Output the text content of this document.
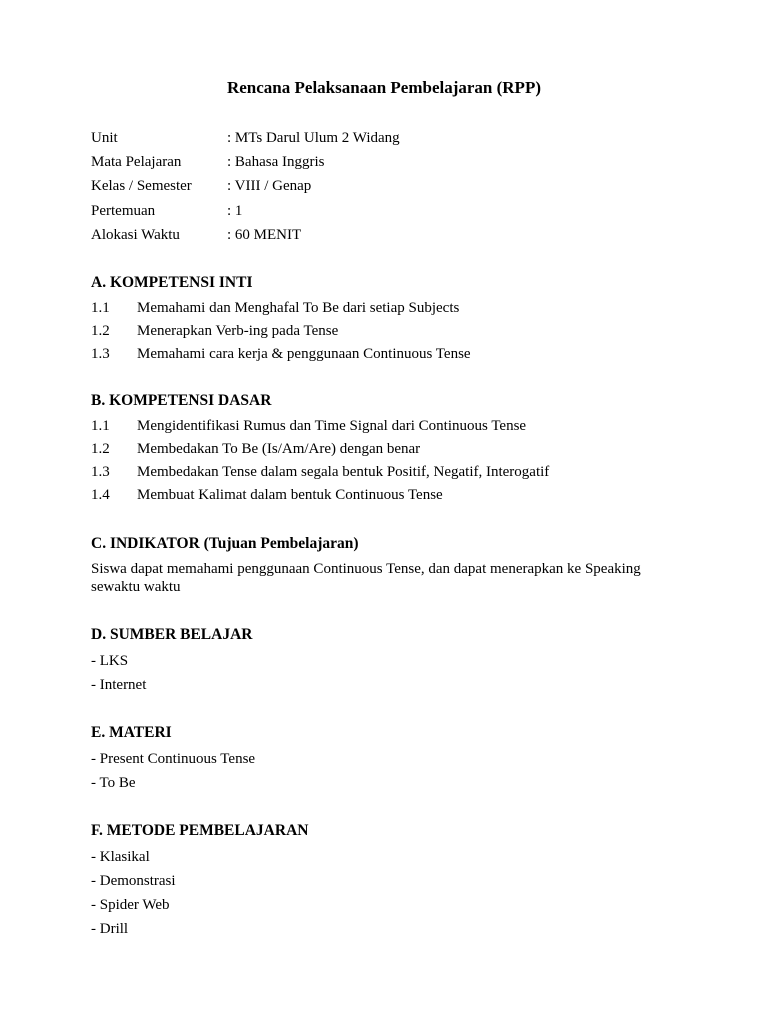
Rencana Pelaksanaan Pembelajaran (RPP)
Unit	: MTs Darul Ulum 2 Widang
Mata Pelajaran	: Bahasa Inggris
Kelas / Semester : VIII / Genap
Pertemuan	: 1
Alokasi Waktu	: 60 MENIT
A. KOMPETENSI INTI
1.1 Memahami dan Menghafal To Be dari setiap Subjects
1.2 Menerapkan Verb-ing pada Tense
1.3 Memahami cara kerja & penggunaan Continuous Tense
B. KOMPETENSI DASAR
1.1 Mengidentifikasi Rumus dan Time Signal dari Continuous Tense
1.2 Membedakan To Be (Is/Am/Are) dengan benar
1.3 Membedakan Tense dalam segala bentuk Positif, Negatif, Interogatif
1.4 Membuat Kalimat dalam bentuk Continuous Tense
C. INDIKATOR (Tujuan Pembelajaran)
Siswa dapat memahami penggunaan Continuous Tense, dan dapat menerapkan ke Speaking sewaktu waktu
D. SUMBER BELAJAR
- LKS
- Internet
E. MATERI
- Present Continuous Tense
- To Be
F. METODE PEMBELAJARAN
- Klasikal
- Demonstrasi
- Spider Web
- Drill
